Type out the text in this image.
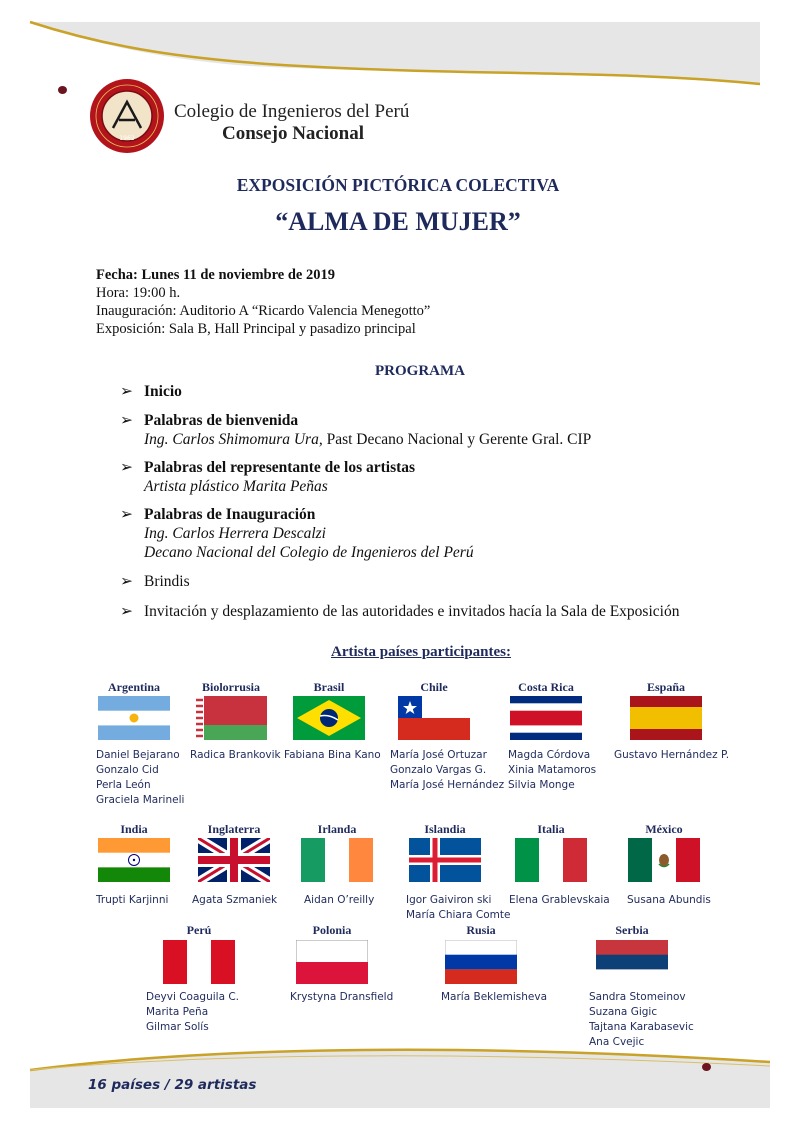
1962
Colegio de Ingenieros del Perú
Consejo Nacional
EXPOSICIÓN PICTÓRICA COLECTIVA
“ALMA DE MUJER”
Fecha: Lunes 11 de noviembre de 2019
Hora: 19:00 h.
Inauguración: Auditorio A “Ricardo Valencia Menegotto”
Exposición: Sala B, Hall Principal y pasadizo principal
PROGRAMA
➢ Inicio
➢ Palabras de bienvenida
Ing. Carlos Shimomura Ura, Past Decano Nacional y Gerente Gral. CIP
➢ Palabras del representante de los artistas
Artista plástico Marita Peñas
➢ Palabras de Inauguración
Ing. Carlos Herrera Descalzi
Decano Nacional del Colegio de Ingenieros del Perú
➢ Brindis
➢ Invitación y desplazamiento de las autoridades e invitados hacía la Sala de Exposición
Artista países participantes:
Argentina
Daniel Bejarano
Gonzalo Cid
Perla León
Graciela Marineli
Biolorrusia
Radica Brankovik
Brasil
Fabiana Bina Kano
Chile
María José Ortuzar
Gonzalo Vargas G.
María José Hernández
Costa Rica
Magda Córdova
Xinia Matamoros
Silvia Monge
España
Gustavo Hernández P.
India
Trupti Karjinni
Inglaterra
Agata Szmaniek
Irlanda
Aidan O’reilly
Islandia
Igor Gaiviron ski
María Chiara Comte
Italia
Elena Grablevskaia
México
Susana Abundis
Perú
Deyvi Coaguila C.
Marita Peña
Gilmar Solís
Polonia
Krystyna Dransfield
Rusia
María Beklemisheva
Serbia
Sandra Stomeinov
Suzana Gigic
Tajtana Karabasevic
Ana Cvejic
16 países / 29 artistas
